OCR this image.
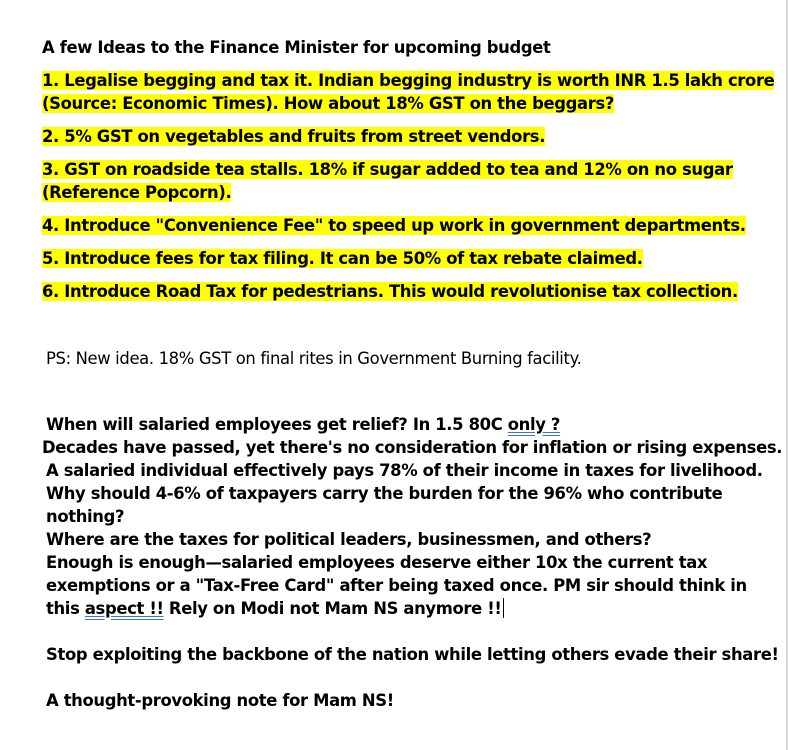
A few Ideas to the Finance Minister for upcoming budget
1. Legalise begging and tax it. Indian begging industry is worth INR 1.5 lakh crore (Source: Economic Times). How about 18% GST on the beggars?
2. 5% GST on vegetables and fruits from street vendors.
3. GST on roadside tea stalls. 18% if sugar added to tea and 12% on no sugar (Reference Popcorn).
4. Introduce "Convenience Fee" to speed up work in government departments.
5. Introduce fees for tax filing. It can be 50% of tax rebate claimed.
6. Introduce Road Tax for pedestrians. This would revolutionise tax collection.
PS: New idea. 18% GST on final rites in Government Burning facility.
When will salaried employees get relief? In 1.5 80C only ?
Decades have passed, yet there's no consideration for inflation or rising expenses.
A salaried individual effectively pays 78% of their income in taxes for livelihood.
Why should 4-6% of taxpayers carry the burden for the 96% who contribute nothing?
Where are the taxes for political leaders, businessmen, and others?
Enough is enough—salaried employees deserve either 10x the current tax exemptions or a "Tax-Free Card" after being taxed once. PM sir should think in this aspect !! Rely on Modi not Mam NS anymore !!
Stop exploiting the backbone of the nation while letting others evade their share!
A thought-provoking note for Mam NS!
